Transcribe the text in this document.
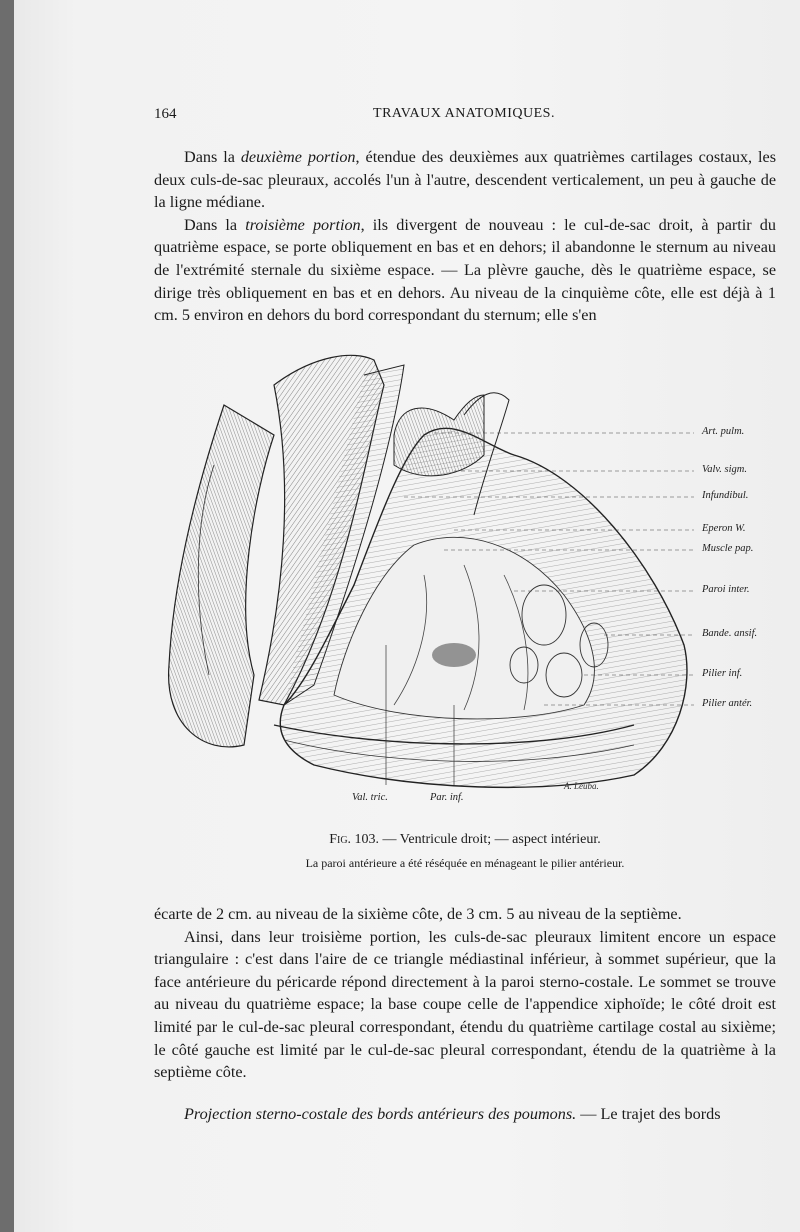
164	TRAVAUX ANATOMIQUES.

Dans la deuxième portion, étendue des deuxièmes aux quatrièmes cartilages costaux, les deux culs-de-sac pleuraux, accolés l'un à l'autre, descendent verticalement, un peu à gauche de la ligne médiane.

Dans la troisième portion, ils divergent de nouveau : le cul-de-sac droit, à partir du quatrième espace, se porte obliquement en bas et en dehors; il abandonne le sternum au niveau de l'extrémité sternale du sixième espace. — La plèvre gauche, dès le quatrième espace, se dirige très obliquement en bas et en dehors. Au niveau de la cinquième côte, elle est déjà à 1 cm. 5 environ en dehors du bord correspondant du sternum; elle s'en

Art. pulm.
Valv. sigm.
Infundibul.
Eperon W.
Muscle pap.
Paroi inter.
Bande. ansif.
Pilier inf.
Pilier antér.
Val. tric.	Par. inf.
A. Leuba.
Fig. 103. — Ventricule droit; — aspect intérieur.
La paroi antérieure a été réséquée en ménageant le pilier antérieur.

écarte de 2 cm. au niveau de la sixième côte, de 3 cm. 5 au niveau de la septième.

Ainsi, dans leur troisième portion, les culs-de-sac pleuraux limitent encore un espace triangulaire : c'est dans l'aire de ce triangle médiastinal inférieur, à sommet supérieur, que la face antérieure du péricarde répond directement à la paroi sterno-costale. Le sommet se trouve au niveau du quatrième espace; la base coupe celle de l'appendice xiphoïde; le côté droit est limité par le cul-de-sac pleural correspondant, étendu du quatrième cartilage costal au sixième; le côté gauche est limité par le cul-de-sac pleural correspondant, étendu de la quatrième à la septième côte.

Projection sterno-costale des bords antérieurs des poumons. — Le trajet des bords
